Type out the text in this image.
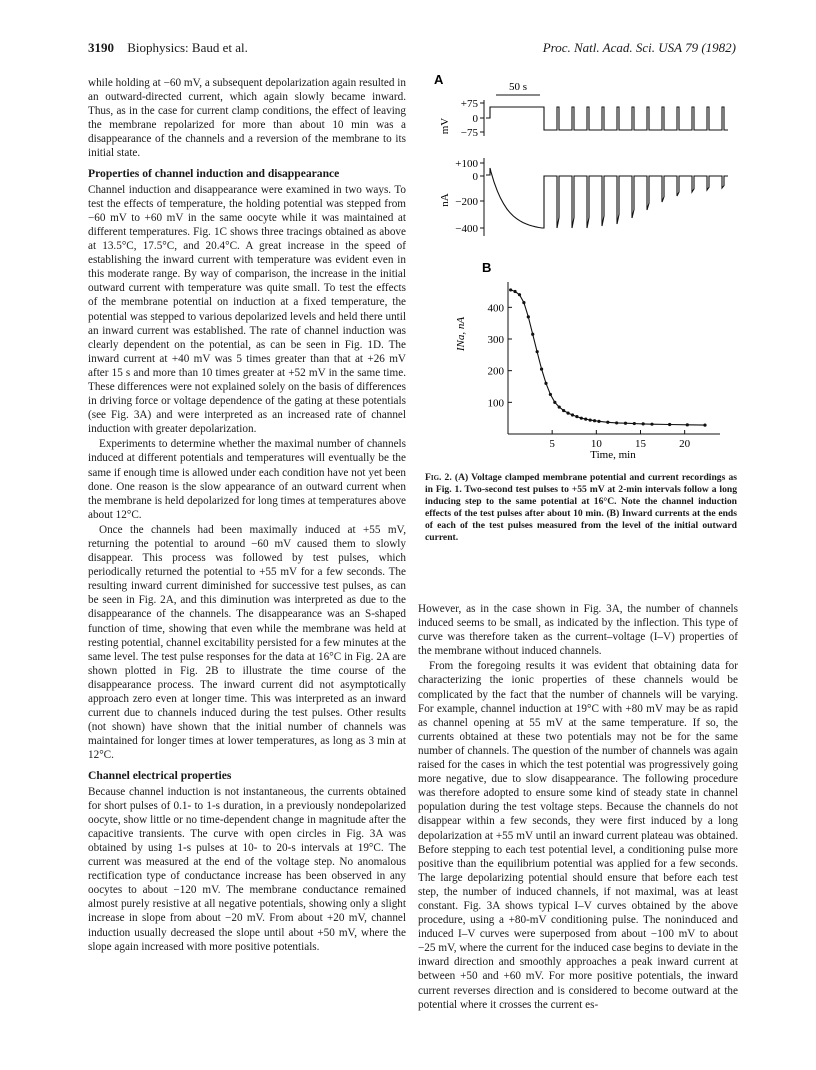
3190 Biophysics: Baud et al.	Proc. Natl. Acad. Sci. USA 79 (1982)

while holding at −60 mV, a subsequent depolarization again resulted in an outward-directed current, which again slowly became inward. Thus, as in the case for current clamp conditions, the effect of leaving the membrane repolarized for more than about 10 min was a disappearance of the channels and a reversion of the membrane to its initial state.

Properties of channel induction and disappearance

Channel induction and disappearance were examined in two ways. To test the effects of temperature, the holding potential was stepped from −60 mV to +60 mV in the same oocyte while it was maintained at different temperatures. Fig. 1C shows three tracings obtained as above at 13.5°C, 17.5°C, and 20.4°C. A great increase in the speed of establishing the inward current with temperature was evident even in this moderate range. By way of comparison, the increase in the initial outward current with temperature was quite small. To test the effects of the membrane potential on induction at a fixed temperature, the potential was stepped to various depolarized levels and held there until an inward current was established. The rate of channel induction was clearly dependent on the potential, as can be seen in Fig. 1D. The inward current at +40 mV was 5 times greater than that at +26 mV after 15 s and more than 10 times greater at +52 mV in the same time. These differences were not explained solely on the basis of differences in driving force or voltage dependence of the gating at these potentials (see Fig. 3A) and were interpreted as an increased rate of channel induction with greater depolarization.

Experiments to determine whether the maximal number of channels induced at different potentials and temperatures will eventually be the same if enough time is allowed under each condition have not yet been done. One reason is the slow appearance of an outward current when the membrane is held depolarized for long times at temperatures above about 12°C.

Once the channels had been maximally induced at +55 mV, returning the potential to around −60 mV caused them to slowly disappear. This process was followed by test pulses, which periodically returned the potential to +55 mV for a few seconds. The resulting inward current diminished for successive test pulses, as can be seen in Fig. 2A, and this diminution was interpreted as due to the disappearance of the channels. The disappearance was an S-shaped function of time, showing that even while the membrane was held at resting potential, channel excitability persisted for a few minutes at the same level. The test pulse responses for the data at 16°C in Fig. 2A are shown plotted in Fig. 2B to illustrate the time course of the disappearance process. The inward current did not asymptotically approach zero even at longer time. This was interpreted as an inward current due to channels induced during the test pulses. Other results (not shown) have shown that the initial number of channels was maintained for longer times at lower temperatures, as long as 3 min at 12°C.

Channel electrical properties

Because channel induction is not instantaneous, the currents obtained for short pulses of 0.1- to 1-s duration, in a previously nondepolarized oocyte, show little or no time-dependent change in magnitude after the capacitive transients. The curve with open circles in Fig. 3A was obtained by using 1-s pulses at 10- to 20-s intervals at 19°C. The current was measured at the end of the voltage step. No anomalous rectification type of conductance increase has been observed in any oocytes to about −120 mV. The membrane conductance remained almost purely resistive at all negative potentials, showing only a slight increase in slope from about −20 mV. From about +20 mV, channel induction usually decreased the slope until about +50 mV, where the slope again increased with more positive potentials.

A	50 s
mV
+75
0
−75
nA
+100
0
−200
−400
B
INa, nA
100
200
300
400
5	10	15	20
Time, min
Fig. 2. (A) Voltage clamped membrane potential and current recordings as in Fig. 1. Two-second test pulses to +55 mV at 2-min intervals follow a long inducing step to the same potential at 16°C. Note the channel induction effects of the test pulses after about 10 min. (B) Inward currents at the ends of each of the test pulses measured from the level of the initial outward current.

However, as in the case shown in Fig. 3A, the number of channels induced seems to be small, as indicated by the inflection. This type of curve was therefore taken as the current–voltage (I–V) properties of the membrane without induced channels.

From the foregoing results it was evident that obtaining data for characterizing the ionic properties of these channels would be complicated by the fact that the number of channels will be varying. For example, channel induction at 19°C with +80 mV may be as rapid as channel opening at 55 mV at the same temperature. If so, the currents obtained at these two potentials may not be for the same number of channels. The question of the number of channels was again raised for the cases in which the test potential was progressively going more negative, due to slow disappearance. The following procedure was therefore adopted to ensure some kind of steady state in channel population during the test voltage steps. Because the channels do not disappear within a few seconds, they were first induced by a long depolarization at +55 mV until an inward current plateau was obtained. Before stepping to each test potential level, a conditioning pulse more positive than the equilibrium potential was applied for a few seconds. The large depolarizing potential should ensure that before each test step, the number of induced channels, if not maximal, was at least constant. Fig. 3A shows typical I–V curves obtained by the above procedure, using a +80-mV conditioning pulse. The noninduced and induced I–V curves were superposed from about −100 mV to about −25 mV, where the current for the induced case begins to deviate in the inward direction and smoothly approaches a peak inward current at between +50 and +60 mV. For more positive potentials, the inward current reverses direction and is considered to become outward at the potential where it crosses the current es-
